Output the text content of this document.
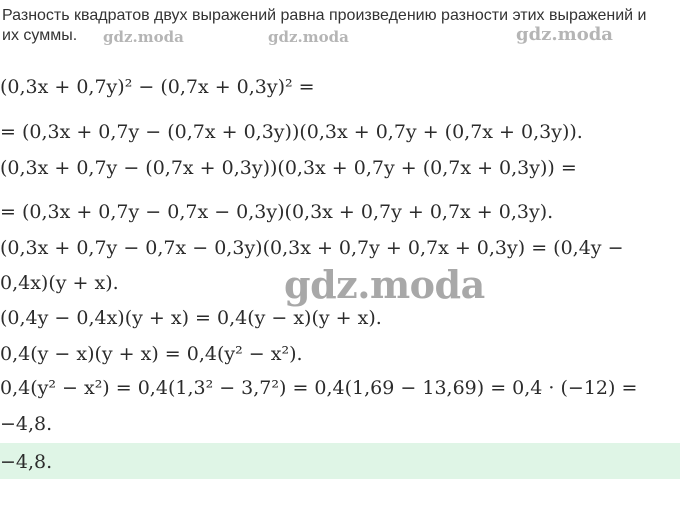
Разность квадратов двух выражений равна произведению разности этих выражений и их суммы.
(0,3x + 0,7y)² − (0,7x + 0,3y)² =
= (0,3x + 0,7y − (0,7x + 0,3y))(0,3x + 0,7y + (0,7x + 0,3y)).
(0,3x + 0,7y − (0,7x + 0,3y))(0,3x + 0,7y + (0,7x + 0,3y)) =
= (0,3x + 0,7y − 0,7x − 0,3y)(0,3x + 0,7y + 0,7x + 0,3y).
(0,3x + 0,7y − 0,7x − 0,3y)(0,3x + 0,7y + 0,7x + 0,3y) = (0,4y −
0,4x)(y + x).
(0,4y − 0,4x)(y + x) = 0,4(y − x)(y + x).
0,4(y − x)(y + x) = 0,4(y² − x²).
0,4(y² − x²) = 0,4(1,3² − 3,7²) = 0,4(1,69 − 13,69) = 0,4 · (−12) =
−4,8.
−4,8.
gdz.moda	gdz.moda	gdz.moda
gdz.moda
